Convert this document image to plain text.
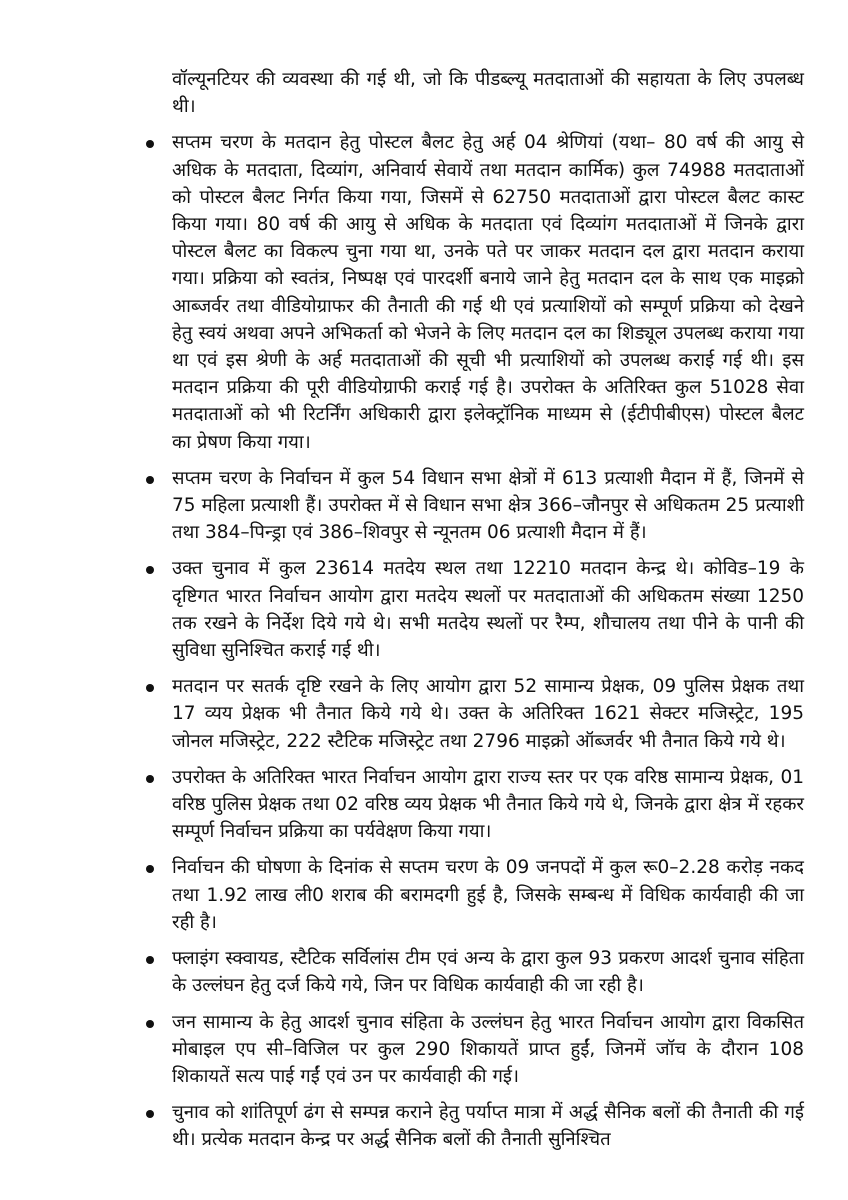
वॉल्यूनटियर की व्यवस्था की गई थी, जो कि पीडब्ल्यू मतदाताओं की सहायता के लिए उपलब्ध थी।

सप्तम चरण के मतदान हेतु पोस्टल बैलट हेतु अर्ह 04 श्रेणियां (यथा– 80 वर्ष की आयु से अधिक के मतदाता, दिव्यांग, अनिवार्य सेवायें तथा मतदान कार्मिक) कुल 74988 मतदाताओं को पोस्टल बैलट निर्गत किया गया, जिसमें से 62750 मतदाताओं द्वारा पोस्टल बैलट कास्ट किया गया। 80 वर्ष की आयु से अधिक के मतदाता एवं दिव्यांग मतदाताओं में जिनके द्वारा पोस्टल बैलट का विकल्प चुना गया था, उनके पते पर जाकर मतदान दल द्वारा मतदान कराया गया। प्रक्रिया को स्वतंत्र, निष्पक्ष एवं पारदर्शी बनाये जाने हेतु मतदान दल के साथ एक माइक्रो आब्जर्वर तथा वीडियोग्राफर की तैनाती की गई थी एवं प्रत्याशियों को सम्पूर्ण प्रक्रिया को देखने हेतु स्वयं अथवा अपने अभिकर्ता को भेजने के लिए मतदान दल का शिड्यूल उपलब्ध कराया गया था एवं इस श्रेणी के अर्ह मतदाताओं की सूची भी प्रत्याशियों को उपलब्ध कराई गई थी। इस मतदान प्रक्रिया की पूरी वीडियोग्राफी कराई गई है। उपरोक्त के अतिरिक्त कुल 51028 सेवा मतदाताओं को भी रिटर्निंग अधिकारी द्वारा इलेक्ट्रॉनिक माध्यम से (ईटीपीबीएस) पोस्टल बैलट का प्रेषण किया गया।
सप्तम चरण के निर्वाचन में कुल 54 विधान सभा क्षेत्रों में 613 प्रत्याशी मैदान में हैं, जिनमें से 75 महिला प्रत्याशी हैं। उपरोक्त में से विधान सभा क्षेत्र 366–जौनपुर से अधिकतम 25 प्रत्याशी तथा 384–पिन्ड्रा एवं 386–शिवपुर से न्यूनतम 06 प्रत्याशी मैदान में हैं।
उक्त चुनाव में कुल 23614 मतदेय स्थल तथा 12210 मतदान केन्द्र थे। कोविड–19 के दृष्टिगत भारत निर्वाचन आयोग द्वारा मतदेय स्थलों पर मतदाताओं की अधिकतम संख्या 1250 तक रखने के निर्देश दिये गये थे। सभी मतदेय स्थलों पर रैम्प, शौचालय तथा पीने के पानी की सुविधा सुनिश्चित कराई गई थी।
मतदान पर सतर्क दृष्टि रखने के लिए आयोग द्वारा 52 सामान्य प्रेक्षक, 09 पुलिस प्रेक्षक तथा 17 व्यय प्रेक्षक भी तैनात किये गये थे। उक्त के अतिरिक्त 1621 सेक्टर मजिस्ट्रेट, 195 जोनल मजिस्ट्रेट, 222 स्टैटिक मजिस्ट्रेट तथा 2796 माइक्रो ऑब्जर्वर भी तैनात किये गये थे।
उपरोक्त के अतिरिक्त भारत निर्वाचन आयोग द्वारा राज्य स्तर पर एक वरिष्ठ सामान्य प्रेक्षक, 01 वरिष्ठ पुलिस प्रेक्षक तथा 02 वरिष्ठ व्यय प्रेक्षक भी तैनात किये गये थे, जिनके द्वारा क्षेत्र में रहकर सम्पूर्ण निर्वाचन प्रक्रिया का पर्यवेक्षण किया गया।
निर्वाचन की घोषणा के दिनांक से सप्तम चरण के 09 जनपदों में कुल रू0–2.28 करोड़ नकद तथा 1.92 लाख ली0 शराब की बरामदगी हुई है, जिसके सम्बन्ध में विधिक कार्यवाही की जा रही है।
फ्लाइंग स्क्वायड, स्टैटिक सर्विलांस टीम एवं अन्य के द्वारा कुल 93 प्रकरण आदर्श चुनाव संहिता के उल्लंघन हेतु दर्ज किये गये, जिन पर विधिक कार्यवाही की जा रही है।
जन सामान्य के हेतु आदर्श चुनाव संहिता के उल्लंघन हेतु भारत निर्वाचन आयोग द्वारा विकसित मोबाइल एप सी–विजिल पर कुल 290 शिकायतें प्राप्त हुईं, जिनमें जॉच के दौरान 108 शिकायतें सत्य पाई गईं एवं उन पर कार्यवाही की गई।
चुनाव को शांतिपूर्ण ढंग से सम्पन्न कराने हेतु पर्याप्त मात्रा में अर्द्ध सैनिक बलों की तैनाती की गई थी। प्रत्येक मतदान केन्द्र पर अर्द्ध सैनिक बलों की तैनाती सुनिश्चित
